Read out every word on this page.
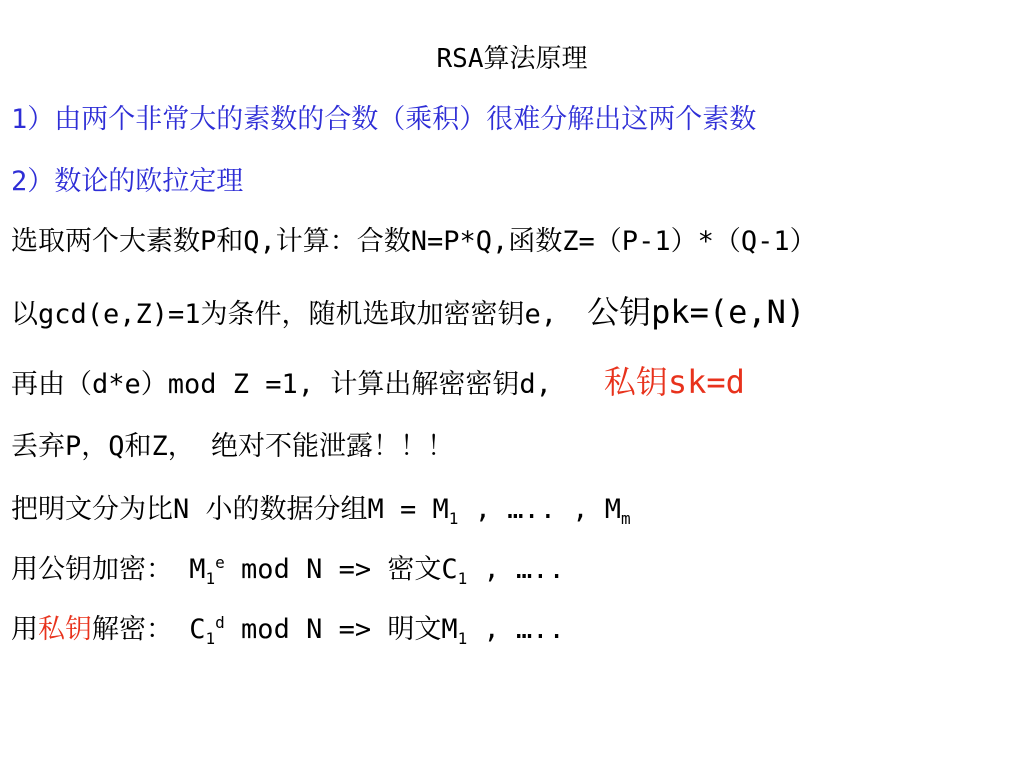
RSA算法原理
1）由两个非常大的素数的合数（乘积）很难分解出这两个素数
2）数论的欧拉定理
选取两个大素数P和Q,计算：合数N=P*Q,函数Z=（P-1）*（Q-1）
以gcd(e,Z)=1为条件，随机选取加密密钥e, 公钥pk=(e,N)
再由（d*e）mod Z =1, 计算出解密密钥d, 私钥sk=d
丢弃P，Q和Z， 绝对不能泄露！！！
把明文分为比N 小的数据分组$M = M_1$ , ….. , $M_m$
用公钥加密： $M_1^e$ mod N => 密文$C_1$ , …..
用私钥解密： $C_1^d$ mod N => 明文$M_1$ , …..
